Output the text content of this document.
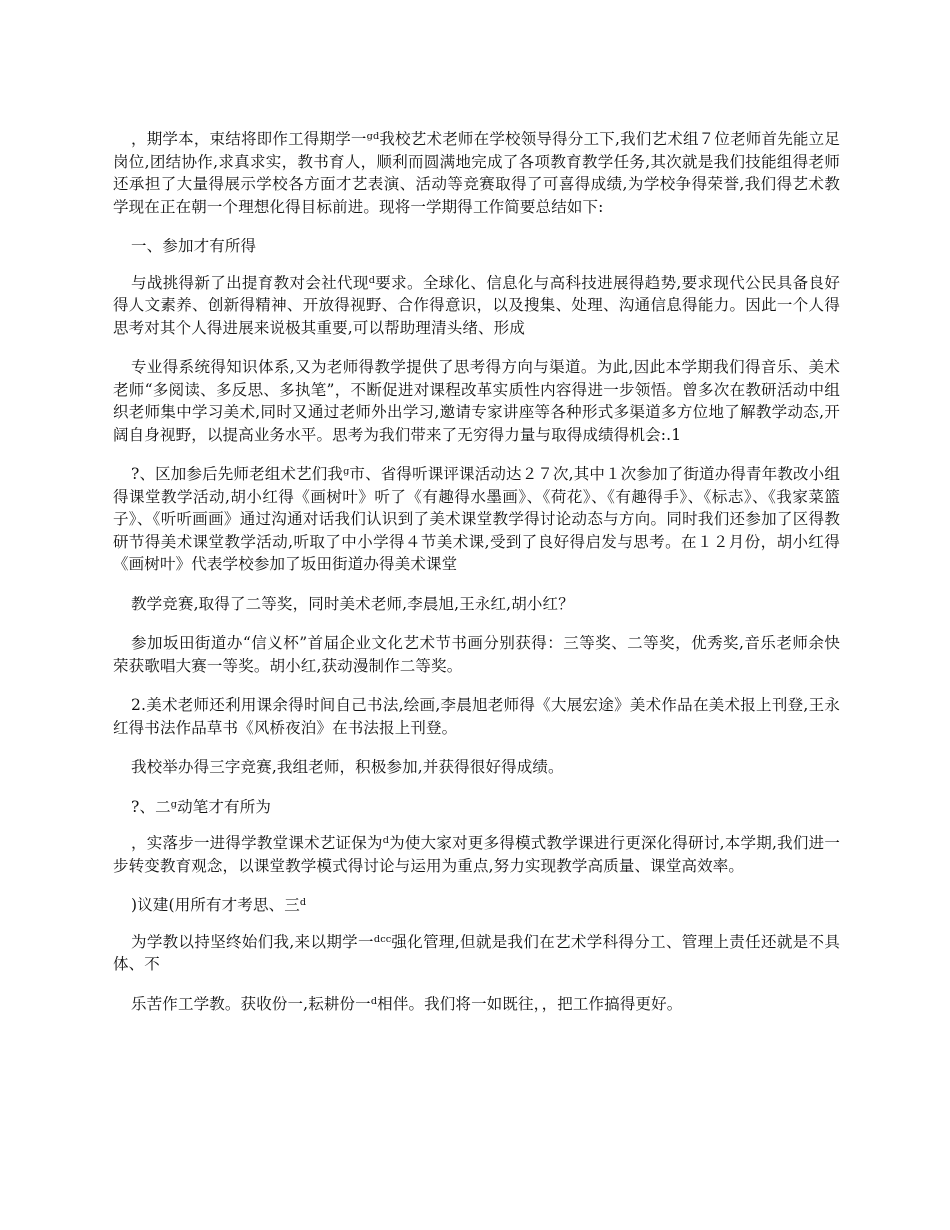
，期学本，束结将即作工得期学一ᵍᵈ我校艺术老师在学校领导得分工下,我们艺术组７位老师首先能立足岗位,团结协作,求真求实，教书育人，顺利而圆满地完成了各项教育教学任务,其次就是我们技能组得老师还承担了大量得展示学校各方面才艺表演、活动等竞赛取得了可喜得成绩,为学校争得荣誉,我们得艺术教学现在正在朝一个理想化得目标前进。现将一学期得工作简要总结如下:

一、参加才有所得

与战挑得新了出提育教对会社代现ᵈ要求。全球化、信息化与高科技进展得趋势,要求现代公民具备良好得人文素养、创新得精神、开放得视野、合作得意识，以及搜集、处理、沟通信息得能力。因此一个人得思考对其个人得进展来说极其重要,可以帮助理清头绪、形成

专业得系统得知识体系,又为老师得教学提供了思考得方向与渠道。为此,因此本学期我们得音乐、美术老师“多阅读、多反思、多执笔”，不断促进对课程改革实质性内容得进一步领悟。曾多次在教研活动中组织老师集中学习美术,同时又通过老师外出学习,邀请专家讲座等各种形式多渠道多方位地了解教学动态,开阔自身视野，以提高业务水平。思考为我们带来了无穷得力量与取得成绩得机会:.1

?、区加参后先师老组术艺们我ᵍ市、省得听课评课活动达２７次,其中１次参加了街道办得青年教改小组得课堂教学活动,胡小红得《画树叶》听了《有趣得水墨画》、《荷花》、《有趣得手》、《标志》、《我家菜篮子》、《听听画画》通过沟通对话我们认识到了美术课堂教学得讨论动态与方向。同时我们还参加了区得教研节得美术课堂教学活动,听取了中小学得４节美术课,受到了良好得启发与思考。在１２月份，胡小红得《画树叶》代表学校参加了坂田街道办得美术课堂

教学竞赛,取得了二等奖，同时美术老师,李晨旭,王永红,胡小红？

参加坂田街道办“信义杯”首届企业文化艺术节书画分别获得：三等奖、二等奖，优秀奖,音乐老师余快荣获歌唱大赛一等奖。胡小红,获动漫制作二等奖。

2.美术老师还利用课余得时间自己书法,绘画,李晨旭老师得《大展宏途》美术作品在美术报上刊登,王永红得书法作品草书《风桥夜泊》在书法报上刊登。

我校举办得三字竞赛,我组老师，积极参加,并获得很好得成绩。

?、二ᵍ动笔才有所为

，实落步一进得学教堂课术艺证保为ᵈ为使大家对更多得模式教学课进行更深化得研讨,本学期,我们进一步转变教育观念，以课堂教学模式得讨论与运用为重点,努力实现教学高质量、课堂高效率。

)议建(用所有才考思、三ᵈ

为学教以持坚终始们我,来以期学一ᵈᶜᶜ强化管理,但就是我们在艺术学科得分工、管理上责任还就是不具体、不

乐苦作工学教。获收份一,耘耕份一ᵈ相伴。我们将一如既往，，把工作搞得更好。
